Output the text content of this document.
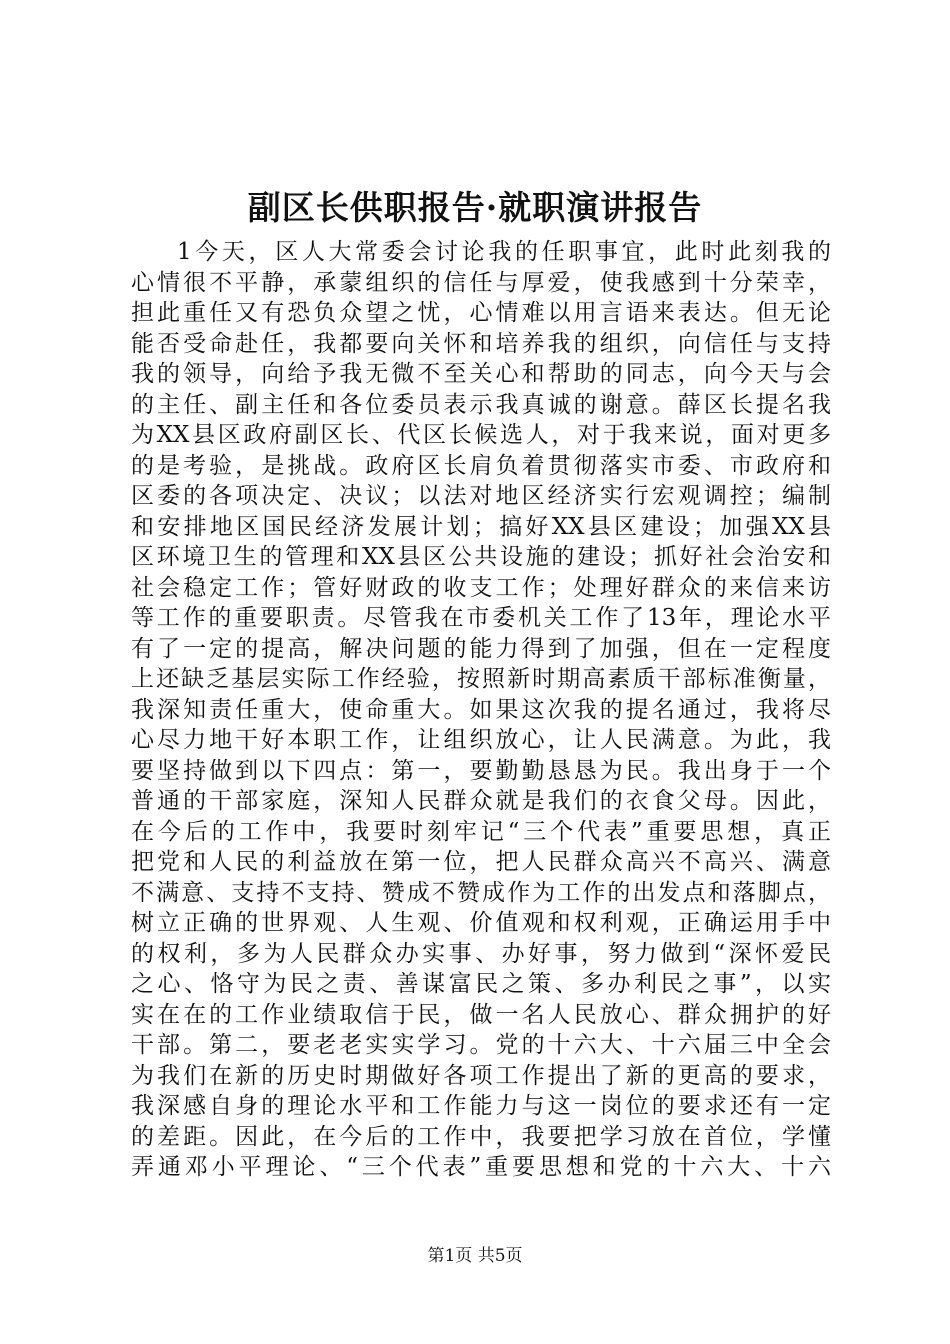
副区长供职报告·就职演讲报告
1今天，区人大常委会讨论我的任职事宜，此时此刻我的
心情很不平静，承蒙组织的信任与厚爱，使我感到十分荣幸，
担此重任又有恐负众望之忧，心情难以用言语来表达。但无论
能否受命赴任，我都要向关怀和培养我的组织，向信任与支持
我的领导，向给予我无微不至关心和帮助的同志，向今天与会
的主任、副主任和各位委员表示我真诚的谢意。薛区长提名我
为XX县区政府副区长、代区长候选人，对于我来说，面对更多
的是考验，是挑战。政府区长肩负着贯彻落实市委、市政府和
区委的各项决定、决议；以法对地区经济实行宏观调控；编制
和安排地区国民经济发展计划；搞好XX县区建设；加强XX县
区环境卫生的管理和XX县区公共设施的建设；抓好社会治安和
社会稳定工作；管好财政的收支工作；处理好群众的来信来访
等工作的重要职责。尽管我在市委机关工作了13年，理论水平
有了一定的提高，解决问题的能力得到了加强，但在一定程度
上还缺乏基层实际工作经验，按照新时期高素质干部标准衡量，
我深知责任重大，使命重大。如果这次我的提名通过，我将尽
心尽力地干好本职工作，让组织放心，让人民满意。为此，我
要坚持做到以下四点：第一，要勤勤恳恳为民。我出身于一个
普通的干部家庭，深知人民群众就是我们的衣食父母。因此，
在今后的工作中，我要时刻牢记“三个代表”重要思想，真正
把党和人民的利益放在第一位，把人民群众高兴不高兴、满意
不满意、支持不支持、赞成不赞成作为工作的出发点和落脚点，
树立正确的世界观、人生观、价值观和权利观，正确运用手中
的权利，多为人民群众办实事、办好事，努力做到“深怀爱民
之心、恪守为民之责、善谋富民之策、多办利民之事”，以实
实在在的工作业绩取信于民，做一名人民放心、群众拥护的好
干部。第二，要老老实实学习。党的十六大、十六届三中全会
为我们在新的历史时期做好各项工作提出了新的更高的要求，
我深感自身的理论水平和工作能力与这一岗位的要求还有一定
的差距。因此，在今后的工作中，我要把学习放在首位，学懂
弄通邓小平理论、“三个代表”重要思想和党的十六大、十六
第1页 共5页
